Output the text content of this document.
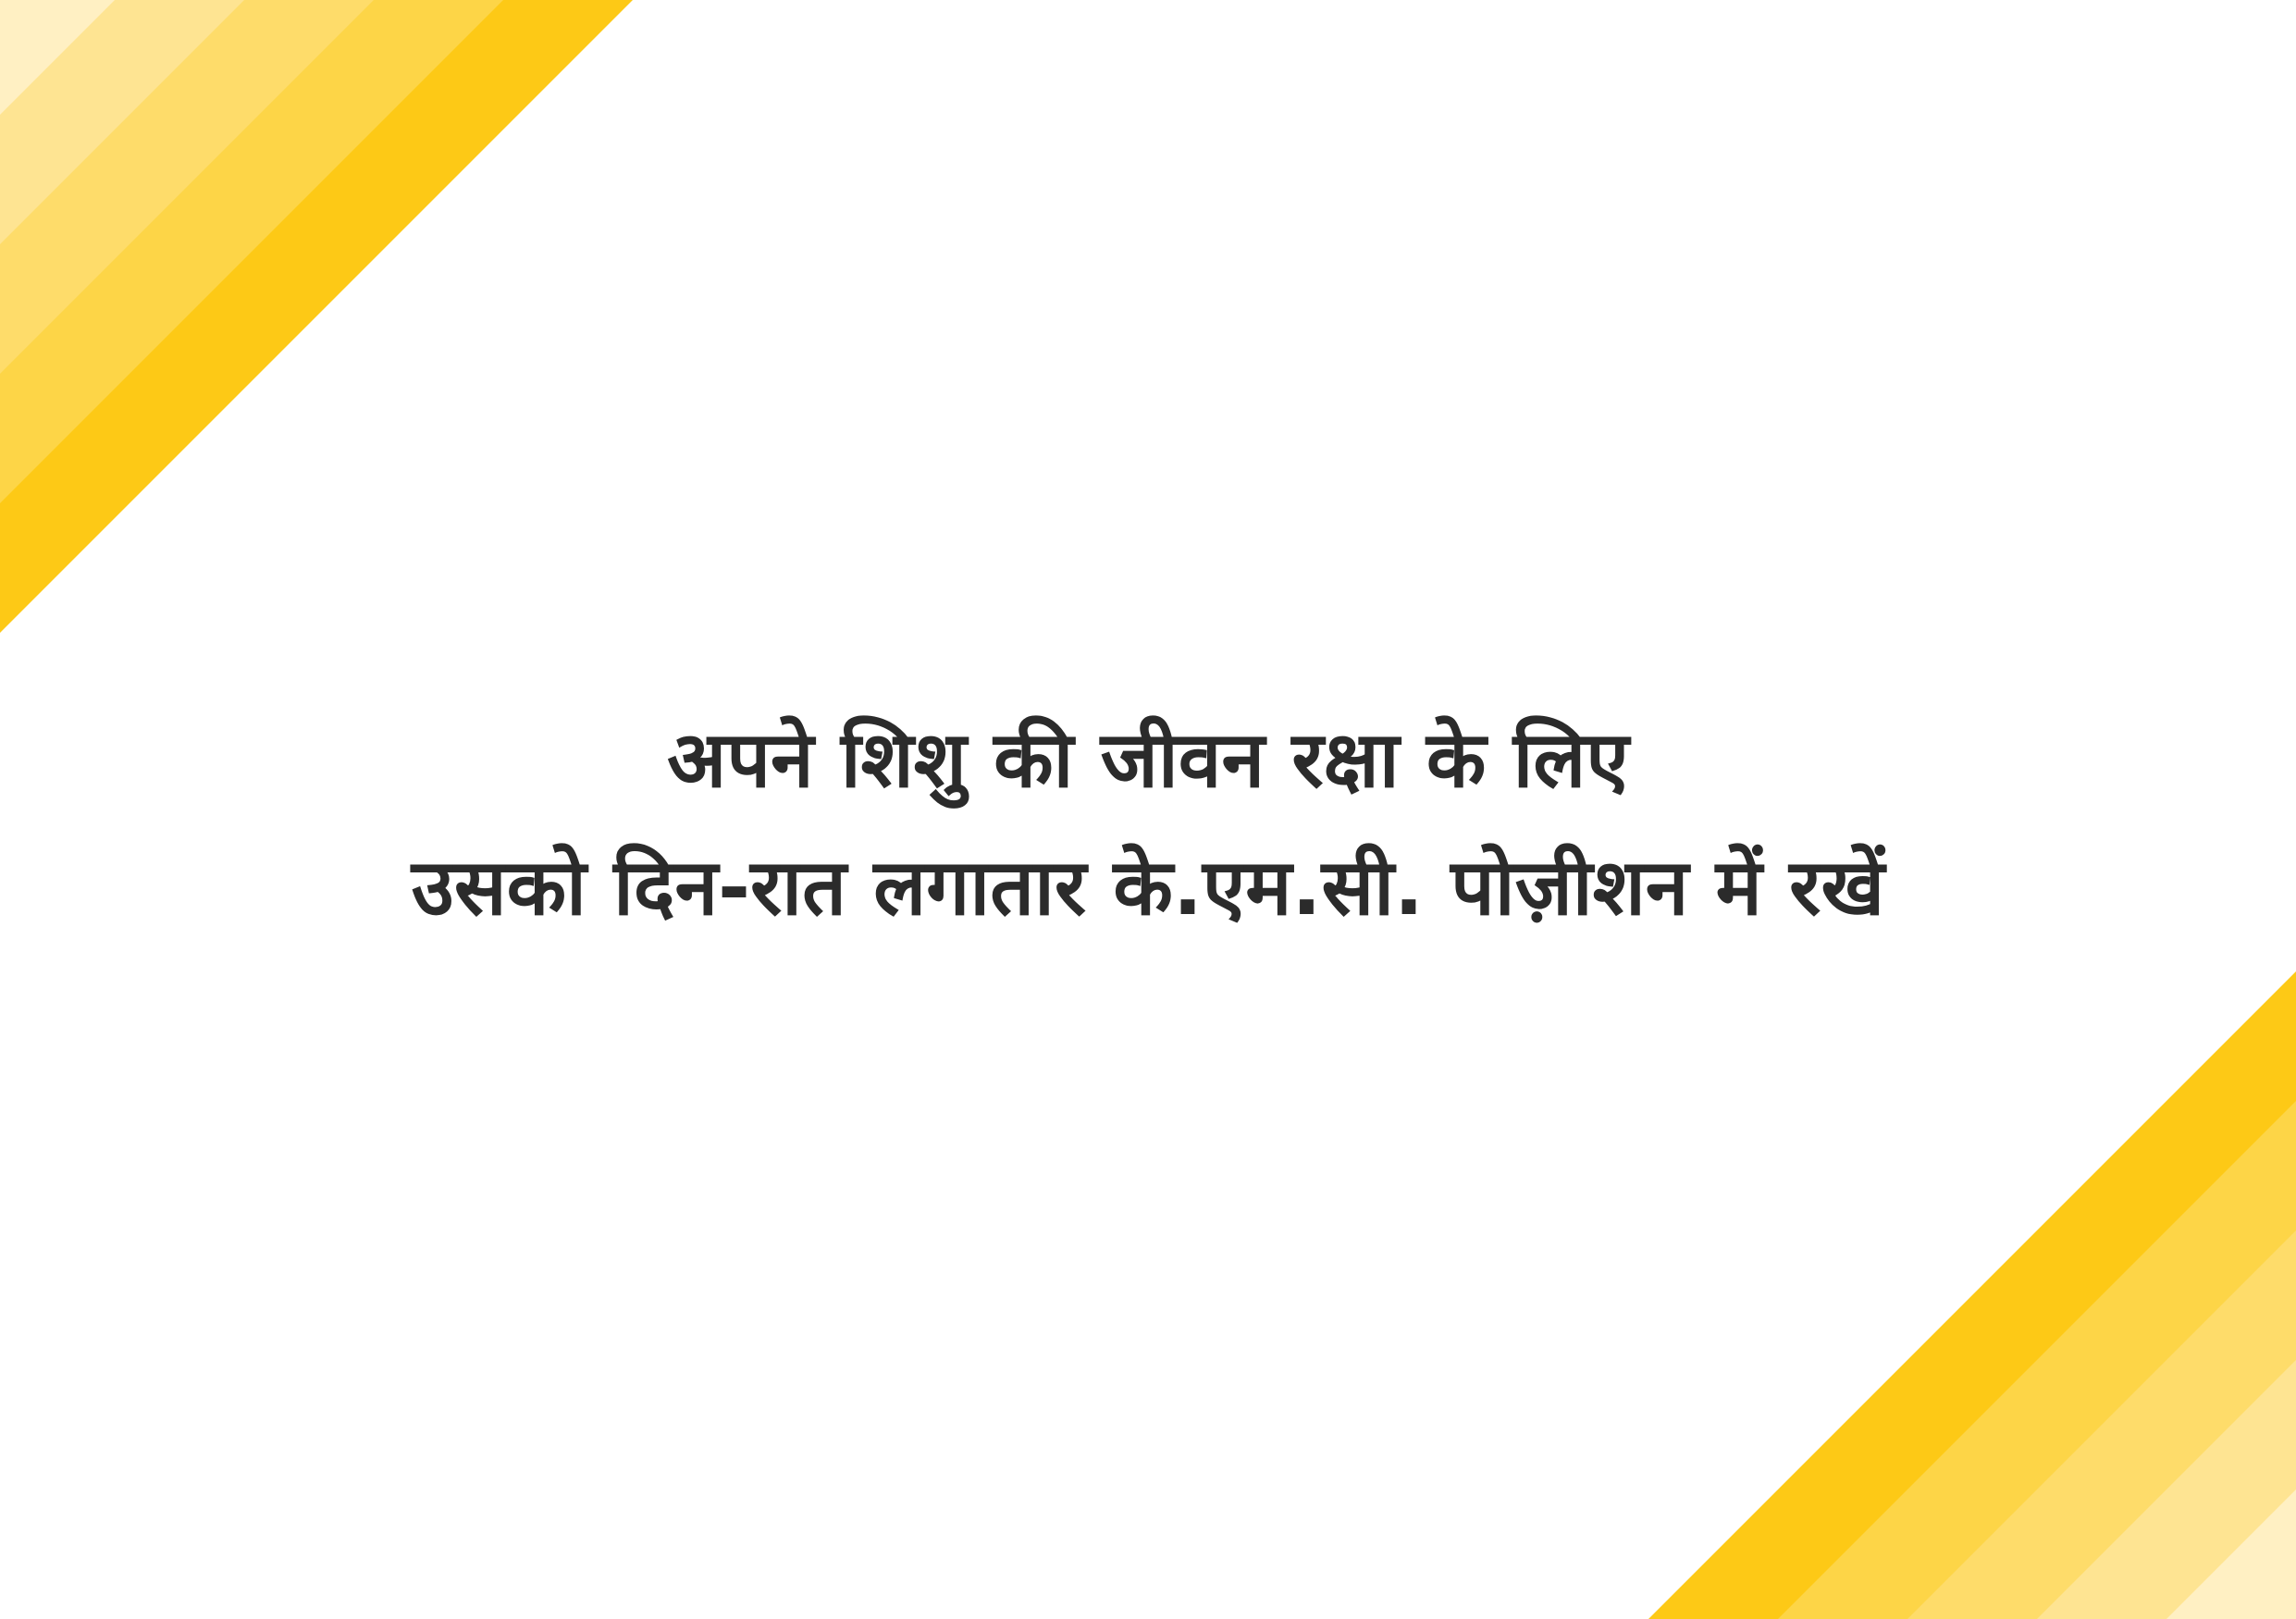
अपने शिशु की जीवन रक्षा के लिए
उसको दिन-रात लगातार के.एम.सी. पोज़ीशन में रखें
